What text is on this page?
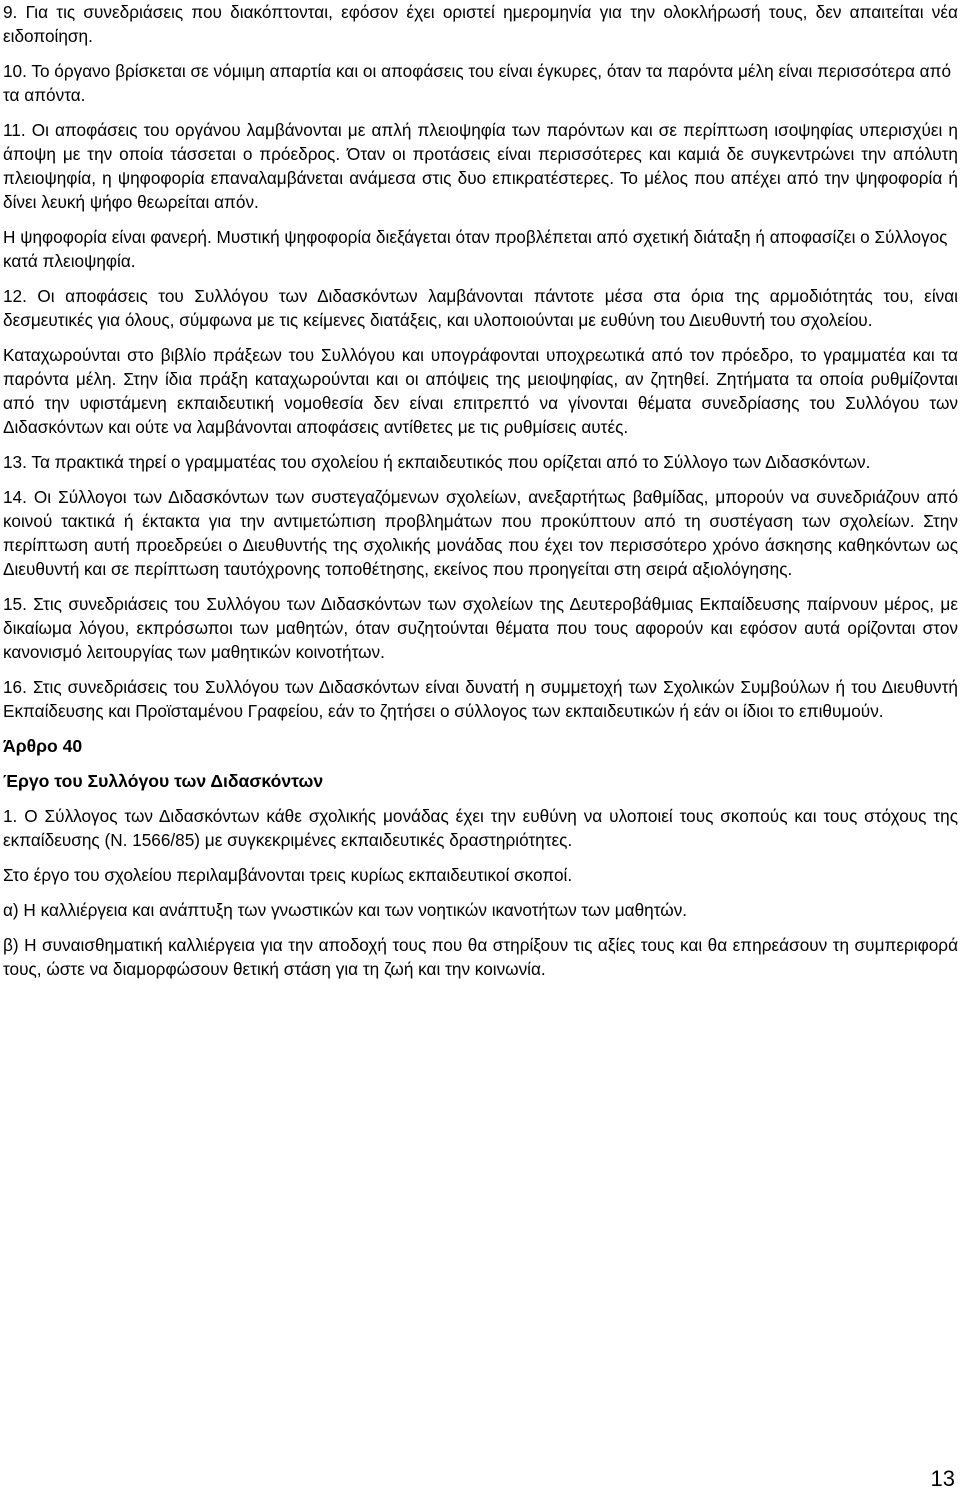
9. Για τις συνεδριάσεις που διακόπτονται, εφόσον έχει οριστεί ημερομηνία για την ολοκλήρωσή τους, δεν απαιτείται νέα ειδοποίηση.

10. Το όργανο βρίσκεται σε νόμιμη απαρτία και οι αποφάσεις του είναι έγκυρες, όταν τα παρόντα μέλη είναι περισσότερα από τα απόντα.

11. Οι αποφάσεις του οργάνου λαμβάνονται με απλή πλειοψηφία των παρόντων και σε περίπτωση ισοψηφίας υπερισχύει η άποψη με την οποία τάσσεται ο πρόεδρος. Όταν οι προτάσεις είναι περισσότερες και καμιά δε συγκεντρώνει την απόλυτη πλειοψηφία, η ψηφοφορία επαναλαμβάνεται ανάμεσα στις δυο επικρατέστερες. Το μέλος που απέχει από την ψηφοφορία ή δίνει λευκή ψήφο θεωρείται απόν.

Η ψηφοφορία είναι φανερή. Μυστική ψηφοφορία διεξάγεται όταν προβλέπεται από σχετική διάταξη ή αποφασίζει ο Σύλλογος κατά πλειοψηφία.

12. Οι αποφάσεις του Συλλόγου των Διδασκόντων λαμβάνονται πάντοτε μέσα στα όρια της αρμοδιότητάς του, είναι δεσμευτικές για όλους, σύμφωνα με τις κείμενες διατάξεις, και υλοποιούνται με ευθύνη του Διευθυντή του σχολείου.

Καταχωρούνται στο βιβλίο πράξεων του Συλλόγου και υπογράφονται υποχρεωτικά από τον πρόεδρο, το γραμματέα και τα παρόντα μέλη. Στην ίδια πράξη καταχωρούνται και οι απόψεις της μειοψηφίας, αν ζητηθεί. Ζητήματα τα οποία ρυθμίζονται από την υφιστάμενη εκπαιδευτική νομοθεσία δεν είναι επιτρεπτό να γίνονται θέματα συνεδρίασης του Συλλόγου των Διδασκόντων και ούτε να λαμβάνονται αποφάσεις αντίθετες με τις ρυθμίσεις αυτές.

13. Τα πρακτικά τηρεί ο γραμματέας του σχολείου ή εκπαιδευτικός που ορίζεται από το Σύλλογο των Διδασκόντων.

14. Οι Σύλλογοι των Διδασκόντων των συστεγαζόμενων σχολείων, ανεξαρτήτως βαθμίδας, μπορούν να συνεδριάζουν από κοινού τακτικά ή έκτακτα για την αντιμετώπιση προβλημάτων που προκύπτουν από τη συστέγαση των σχολείων. Στην περίπτωση αυτή προεδρεύει ο Διευθυντής της σχολικής μονάδας που έχει τον περισσότερο χρόνο άσκησης καθηκόντων ως Διευθυντή και σε περίπτωση ταυτόχρονης τοποθέτησης, εκείνος που προηγείται στη σειρά αξιολόγησης.

15. Στις συνεδριάσεις του Συλλόγου των Διδασκόντων των σχολείων της Δευτεροβάθμιας Εκπαίδευσης παίρνουν μέρος, με δικαίωμα λόγου, εκπρόσωποι των μαθητών, όταν συζητούνται θέματα που τους αφορούν και εφόσον αυτά ορίζονται στον κανονισμό λειτουργίας των μαθητικών κοινοτήτων.

16. Στις συνεδριάσεις του Συλλόγου των Διδασκόντων είναι δυνατή η συμμετοχή των Σχολικών Συμβούλων ή του Διευθυντή Εκπαίδευσης και Προϊσταμένου Γραφείου, εάν το ζητήσει ο σύλλογος των εκπαιδευτικών ή εάν οι ίδιοι το επιθυμούν.

Άρθρο 40

Έργο του Συλλόγου των Διδασκόντων

1. Ο Σύλλογος των Διδασκόντων κάθε σχολικής μονάδας έχει την ευθύνη να υλοποιεί τους σκοπούς και τους στόχους της εκπαίδευσης (Ν. 1566/85) με συγκεκριμένες εκπαιδευτικές δραστηριότητες.

Στο έργο του σχολείου περιλαμβάνονται τρεις κυρίως εκπαιδευτικοί σκοποί.

α) Η καλλιέργεια και ανάπτυξη των γνωστικών και των νοητικών ικανοτήτων των μαθητών.

β) Η συναισθηματική καλλιέργεια για την αποδοχή τους που θα στηρίξουν τις αξίες τους και θα επηρεάσουν τη συμπεριφορά τους, ώστε να διαμορφώσουν θετική στάση για τη ζωή και την κοινωνία.

13
